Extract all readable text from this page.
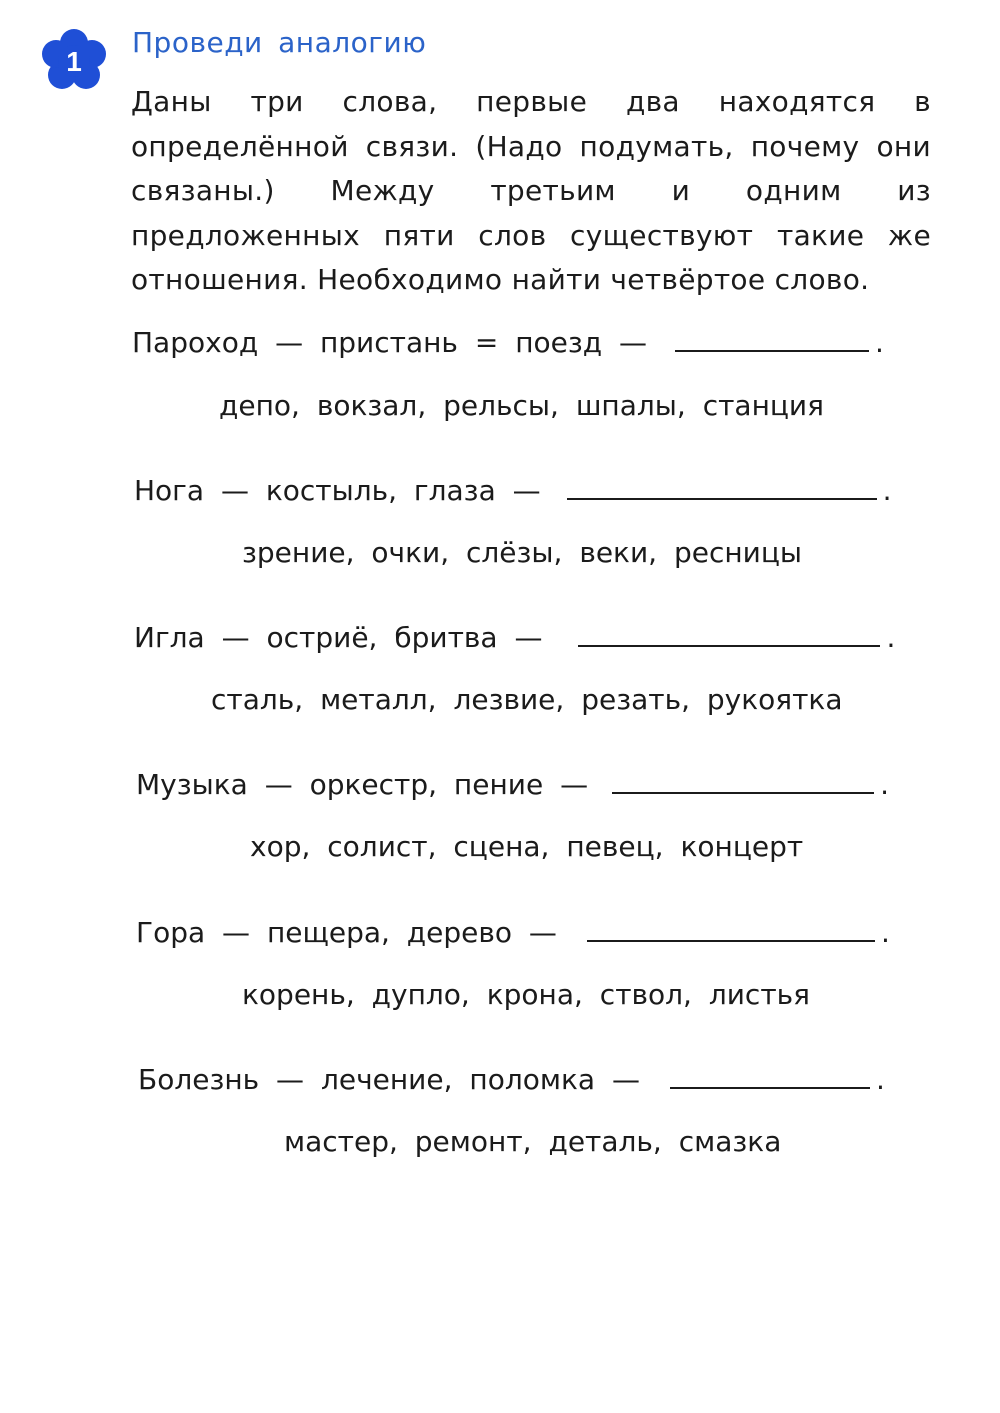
1
Проведи аналогию

Даны три слова, первые два находятся в определённой связи. (Надо подумать, почему они связаны.) Между третьим и одним из предложенных пяти слов существуют такие же отношения. Необходимо найти четвёртое слово.

Пароход — пристань = поезд —	.
депо, вокзал, рельсы, шпалы, станция
Нога — костыль, глаза —	.
зрение, очки, слёзы, веки, ресницы
Игла — остриё, бритва —	.
сталь, металл, лезвие, резать, рукоятка
Музыка — оркестр, пение —	.
хор, солист, сцена, певец, концерт
Гора — пещера, дерево —	.
корень, дупло, крона, ствол, листья
Болезнь — лечение, поломка —	.
мастер, ремонт, деталь, смазка
